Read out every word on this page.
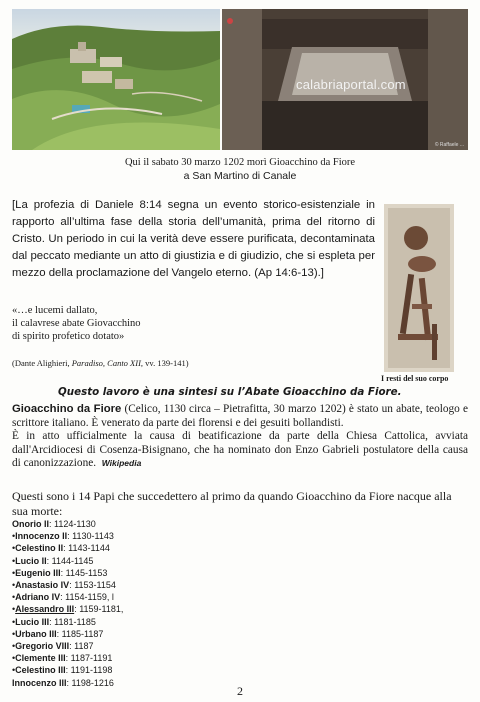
calabriaportal.com
© Raffaele ...
Qui il sabato 30 marzo 1202 morì Gioacchino da Fiore
a San Martino di Canale
[La profezia di Daniele 8:14 segna un evento storico-esistenziale in rapporto all’ultima fase della storia dell’umanità, prima del ritorno di Cristo. Un periodo in cui la verità deve essere purificata, decontaminata dal peccato mediante un atto di giustizia e di giudizio, che si espleta per mezzo della proclamazione del Vangelo eterno. (Ap 14:6-13).]
I resti del suo corpo
«…e lucemi dallato,
il calavrese abate Giovacchino
di spirito profetico dotato»
(Dante Alighieri, Paradiso, Canto XII, vv. 139-141)
Questo lavoro è una sintesi su l’Abate Gioacchino da Fiore.
Gioacchino da Fiore (Celico, 1130 circa – Pietrafitta, 30 marzo 1202) è stato un abate, teologo e scrittore italiano. È venerato da parte dei florensi e dei gesuiti bollandisti.
È in atto ufficialmente la causa di beatificazione da parte della Chiesa Cattolica, avviata dall'Arcidiocesi di Cosenza-Bisignano, che ha nominato don Enzo Gabrieli postulatore della causa di canonizzazione. Wikipedia
Questi sono i 14 Papi che succedettero al primo da quando Gioacchino da Fiore nacque alla sua morte:
Onorio II: 1124-1130
•Innocenzo II: 1130-1143
•Celestino II: 1143-1144
•Lucio II: 1144-1145
•Eugenio III: 1145-1153
•Anastasio IV: 1153-1154
•Adriano IV: 1154-1159, l
•Alessandro III: 1159-1181,
•Lucio III: 1181-1185
•Urbano III: 1185-1187
•Gregorio VIII: 1187
•Clemente III: 1187-1191
•Celestino III: 1191-1198
Innocenzo III: 1198-1216
2
